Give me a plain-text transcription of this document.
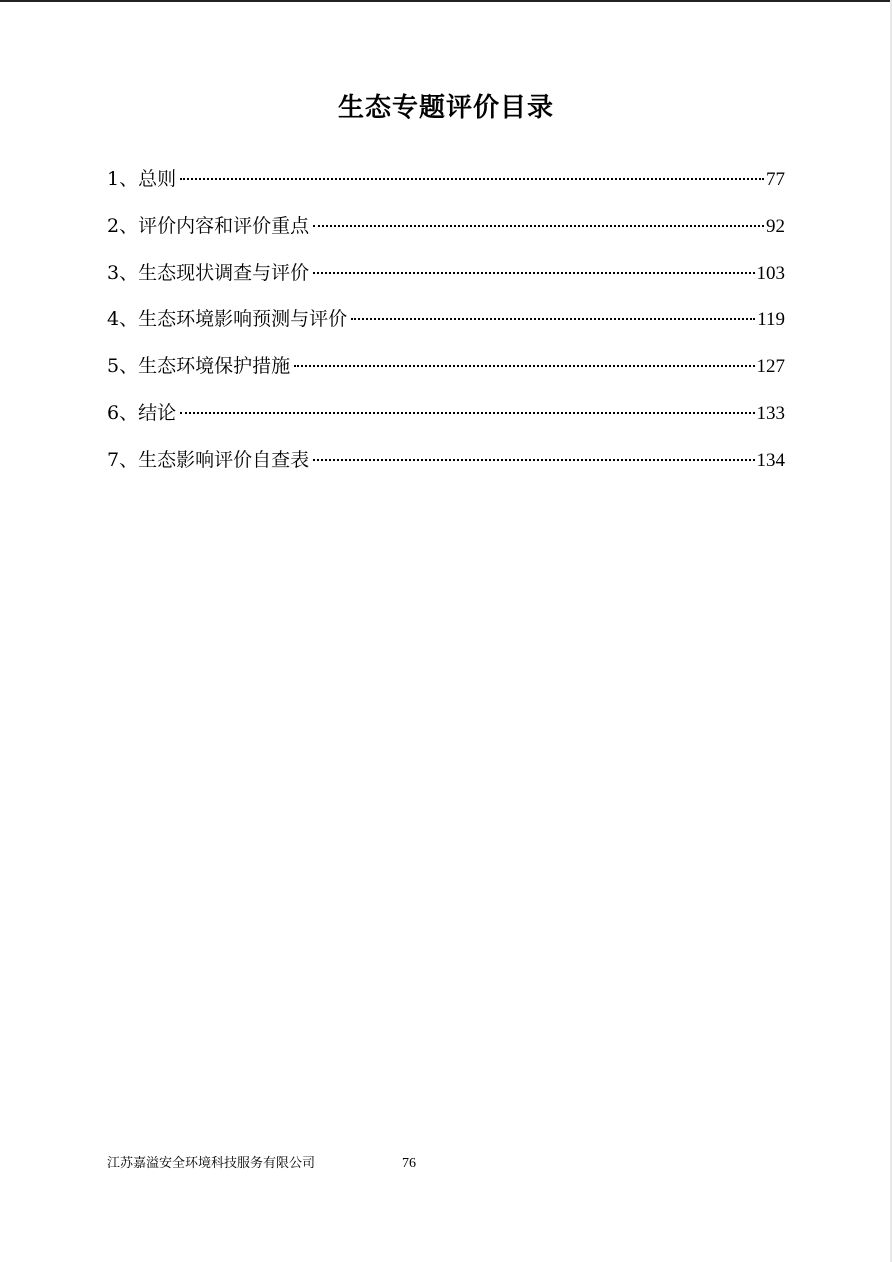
生态专题评价目录
1、总则	77
2、评价内容和评价重点	92
3、生态现状调查与评价	103
4、生态环境影响预测与评价	119
5、生态环境保护措施	127
6、结论	133
7、生态影响评价自查表	134
江苏嘉溢安全环境科技服务有限公司	76
